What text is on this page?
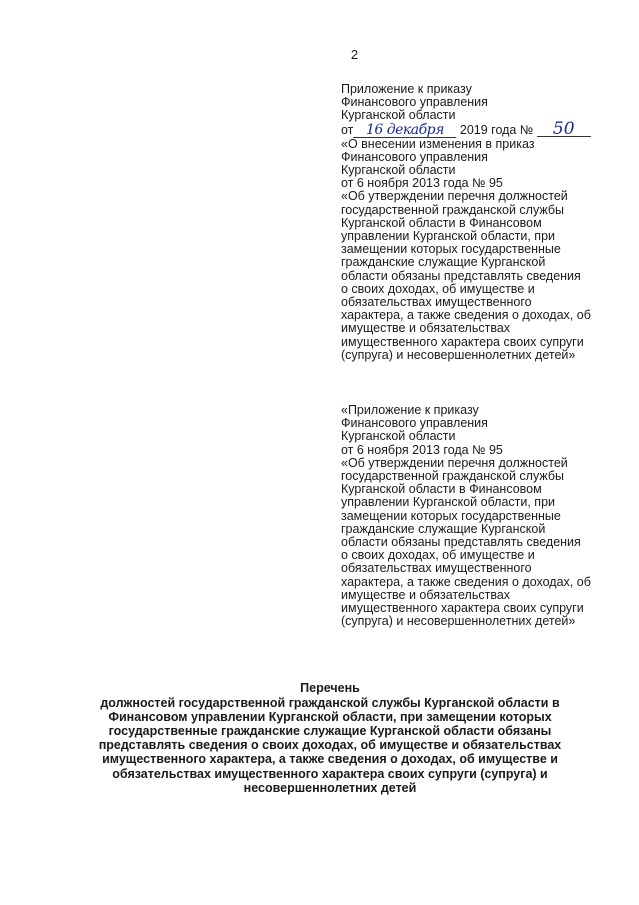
2

Приложение к приказу

Финансового управления

Курганской области

от 16 декабря 2019 года № 50

«О внесении изменения в приказ

Финансового управления

Курганской области

от 6 ноября 2013 года № 95

«Об утверждении перечня должностей

государственной гражданской службы

Курганской области в Финансовом

управлении Курганской области, при

замещении которых государственные

гражданские служащие Курганской

области обязаны представлять сведения

о своих доходах, об имуществе и

обязательствах имущественного

характера, а также сведения о доходах, об

имуществе и обязательствах

имущественного характера своих супруги

(супруга) и несовершеннолетних детей»

«Приложение к приказу

Финансового управления

Курганской области

от 6 ноября 2013 года № 95

«Об утверждении перечня должностей

государственной гражданской службы

Курганской области в Финансовом

управлении Курганской области, при

замещении которых государственные

гражданские служащие Курганской

области обязаны представлять сведения

о своих доходах, об имуществе и

обязательствах имущественного

характера, а также сведения о доходах, об

имуществе и обязательствах

имущественного характера своих супруги

(супруга) и несовершеннолетних детей»

Перечень

должностей государственной гражданской службы Курганской области в

Финансовом управлении Курганской области, при замещении которых

государственные гражданские служащие Курганской области обязаны

представлять сведения о своих доходах, об имуществе и обязательствах

имущественного характера, а также сведения о доходах, об имуществе и

обязательствах имущественного характера своих супруги (супруга) и

несовершеннолетних детей
